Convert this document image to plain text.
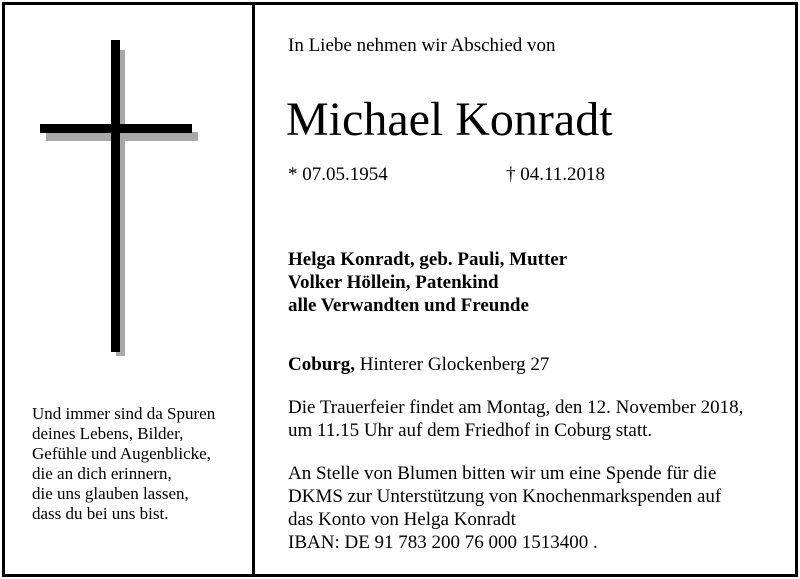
Und immer sind da Spuren
deines Lebens, Bilder,
Gefühle und Augenblicke,
die an dich erinnern,
die uns glauben lassen,
dass du bei uns bist.
In Liebe nehmen wir Abschied von
Michael Konradt
* 07.05.1954	† 04.11.2018
Helga Konradt, geb. Pauli, Mutter
Volker Höllein, Patenkind
alle Verwandten und Freunde
Coburg, Hinterer Glockenberg 27
Die Trauerfeier findet am Montag, den 12. November 2018,
um 11.15 Uhr auf dem Friedhof in Coburg statt.
An Stelle von Blumen bitten wir um eine Spende für die
DKMS zur Unterstützung von Knochenmarkspenden auf
das Konto von Helga Konradt
IBAN: DE 91 783 200 76 000 1513400 .
